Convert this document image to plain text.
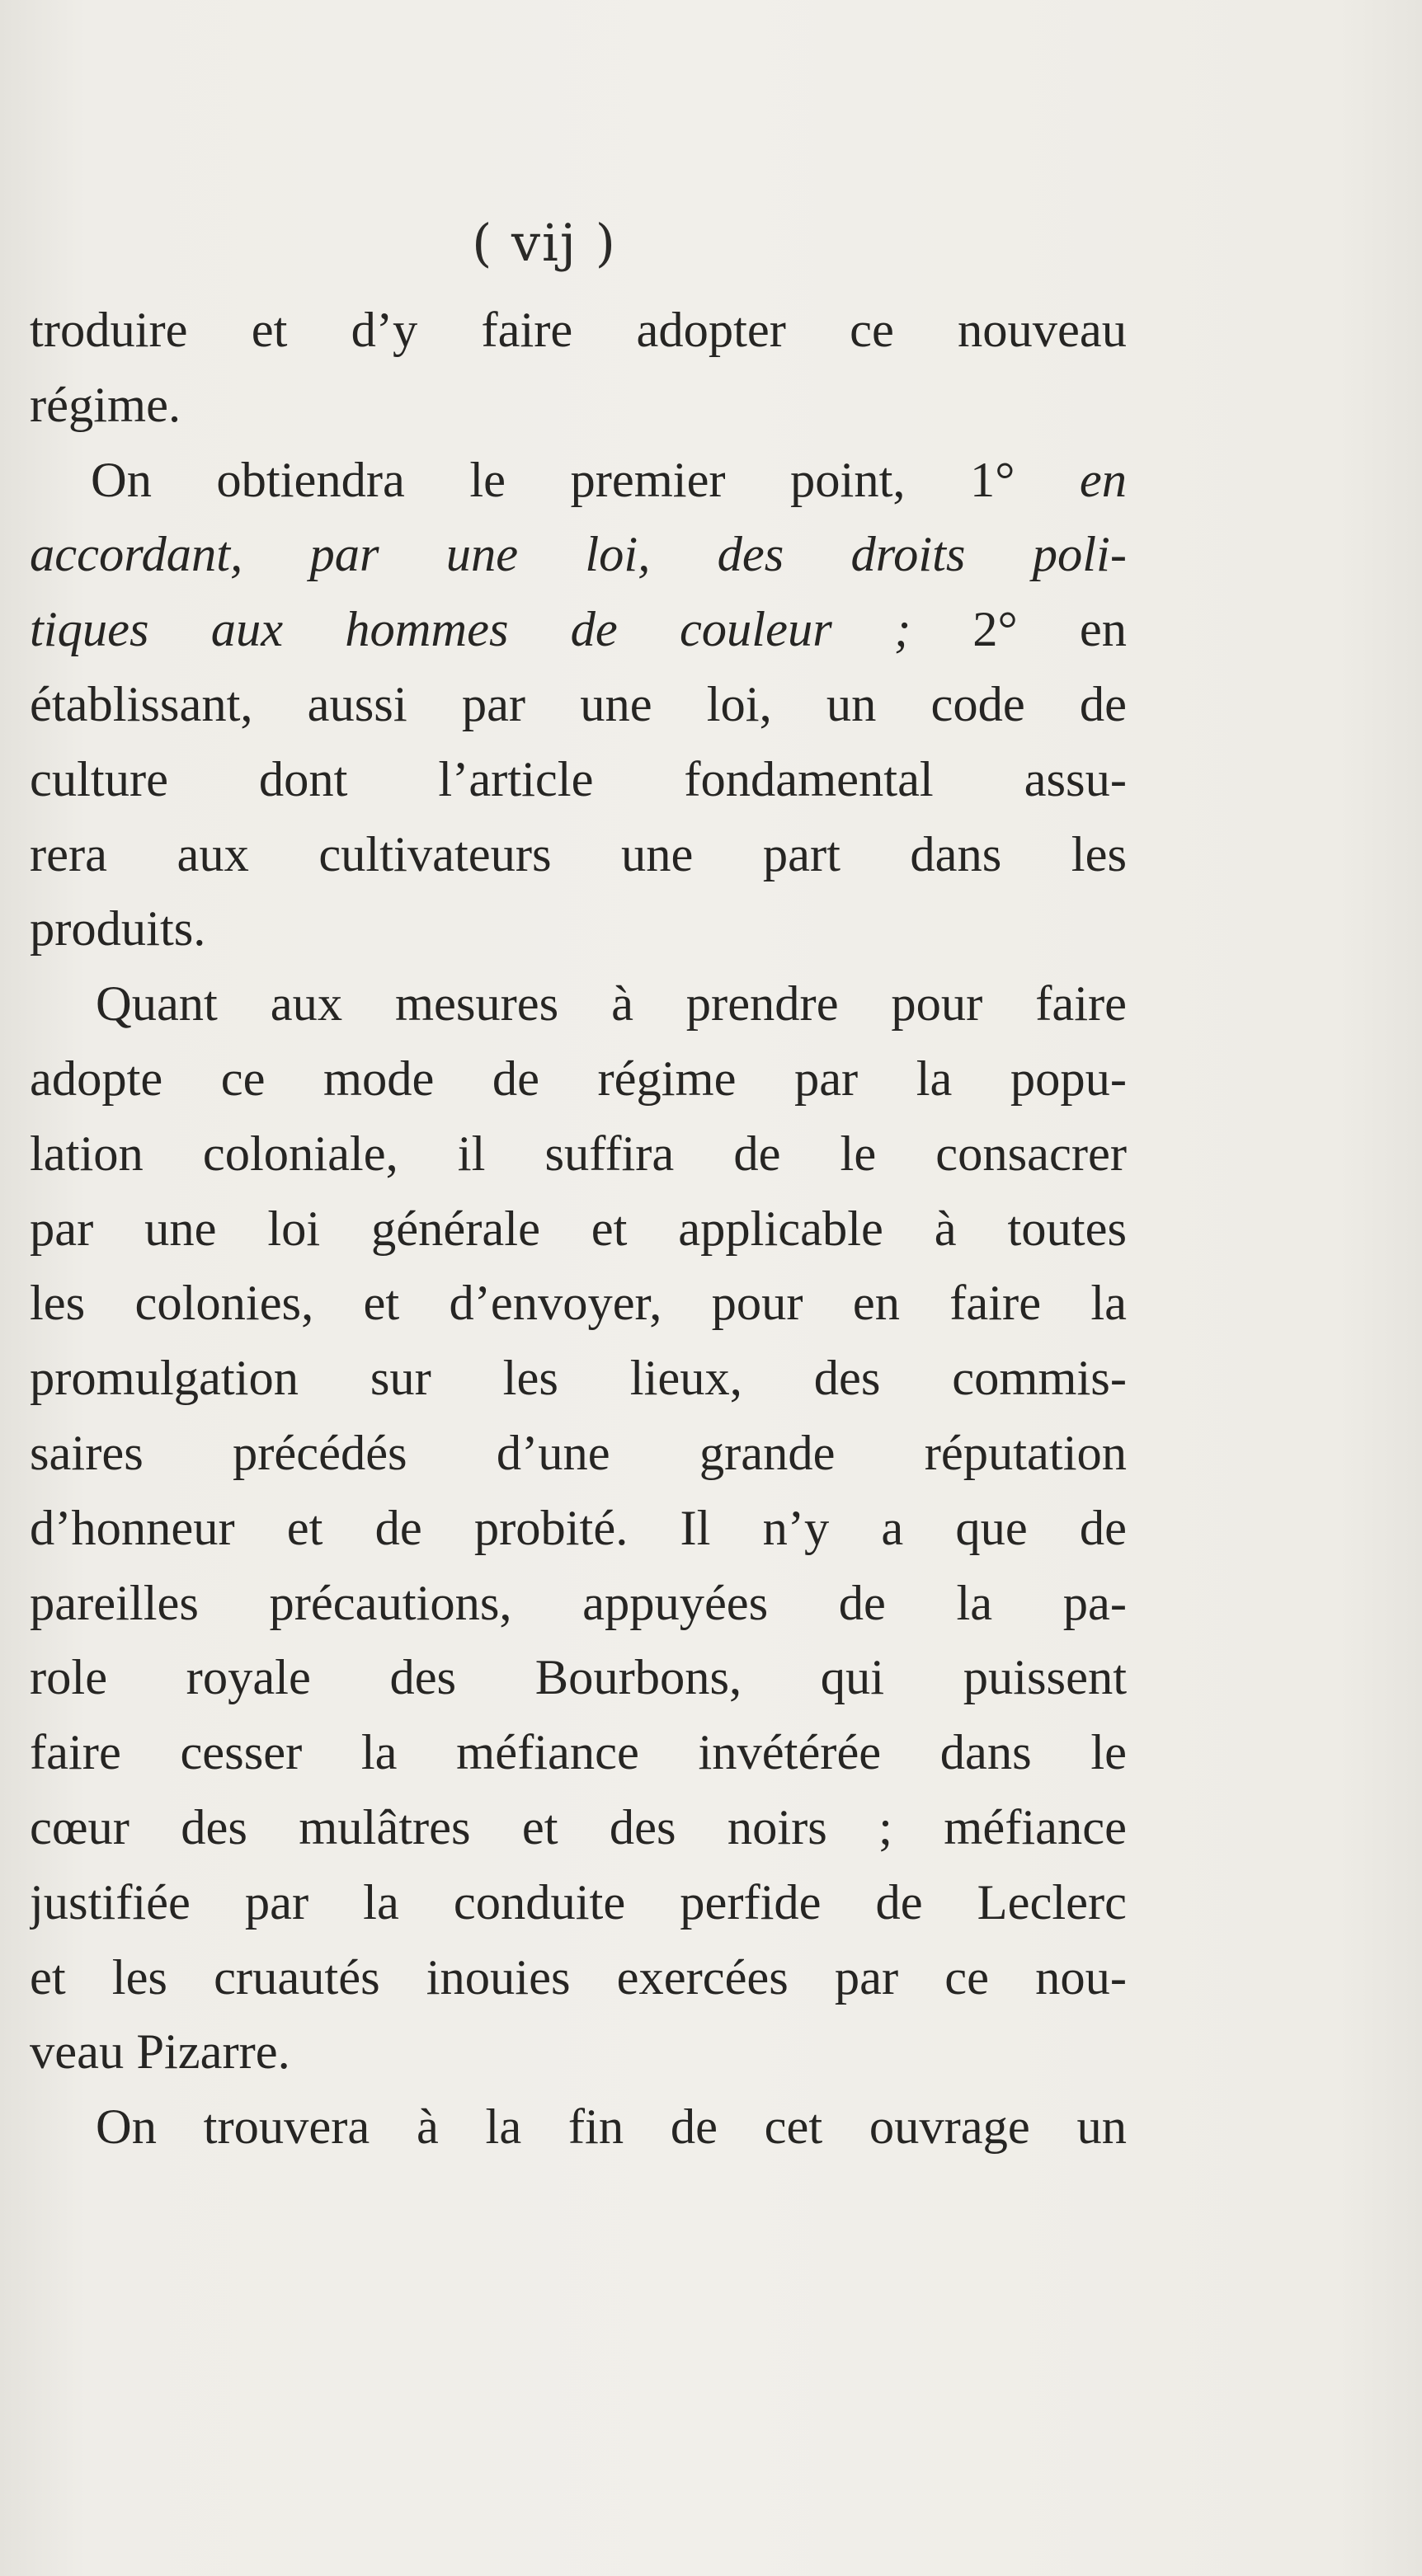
( vij )
troduire et d’y faire adopter ce nouveau
régime.
On obtiendra le premier point, 1° en
accordant, par une loi, des droits poli-
tiques aux hommes de couleur ; 2° en
établissant, aussi par une loi, un code de
culture dont l’article fondamental assu-
rera aux cultivateurs une part dans les
produits.
Quant aux mesures à prendre pour faire
adopte ce mode de régime par la popu-
lation coloniale, il suffira de le consacrer
par une loi générale et applicable à toutes
les colonies, et d’envoyer, pour en faire la
promulgation sur les lieux, des commis-
saires précédés d’une grande réputation
d’honneur et de probité. Il n’y a que de
pareilles précautions, appuyées de la pa-
role royale des Bourbons, qui puissent
faire cesser la méfiance invétérée dans le
cœur des mulâtres et des noirs ; méfiance
justifiée par la conduite perfide de Leclerc
et les cruautés inouies exercées par ce nou-
veau Pizarre.
On trouvera à la fin de cet ouvrage un
